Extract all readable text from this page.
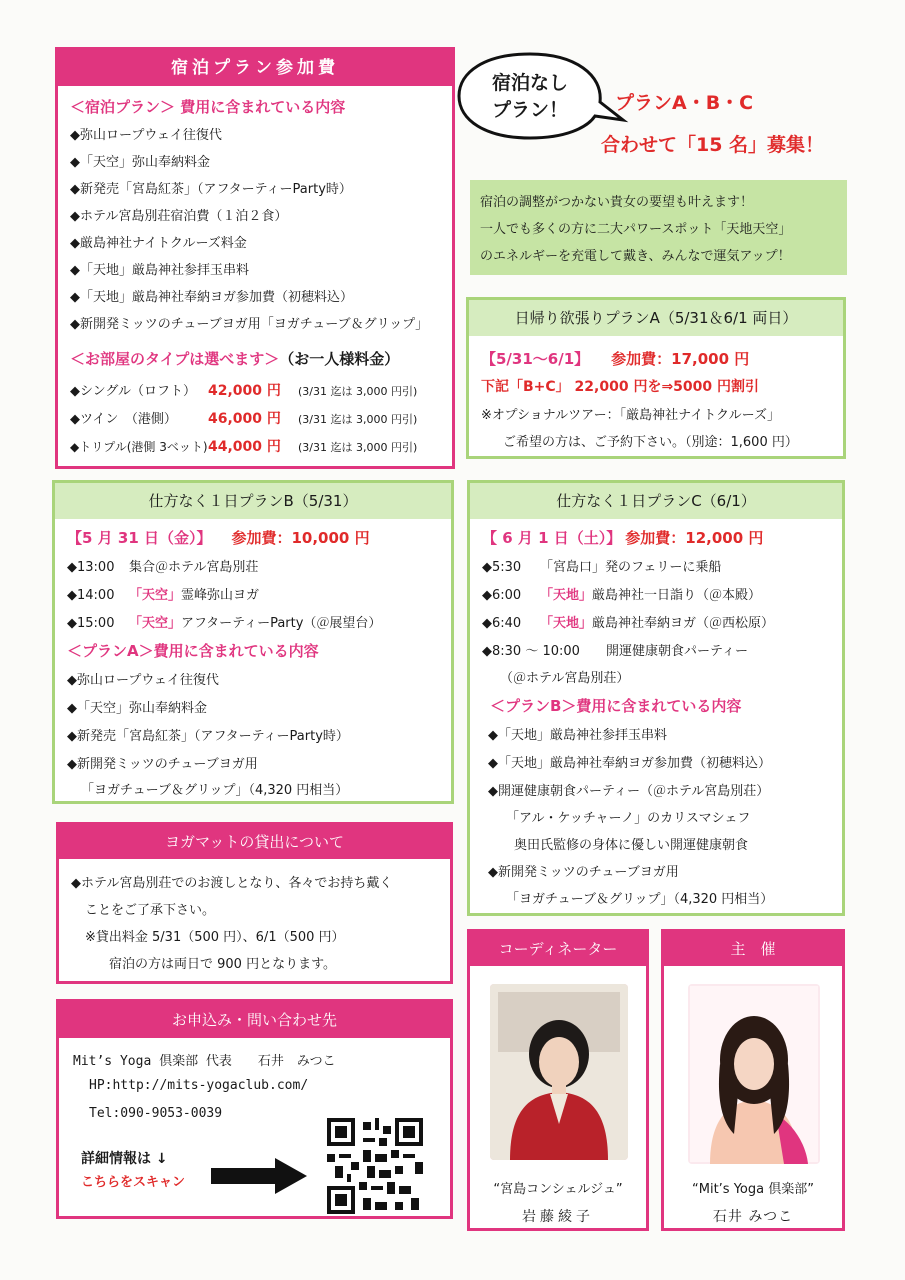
宿泊プラン参加費
＜宿泊プラン＞ 費用に含まれている内容
◆弥山ロープウェイ往復代
◆「天空」弥山奉納料金
◆新発売「宮島紅茶」（アフターティーParty時）
◆ホテル宮島別荘宿泊費（１泊２食）
◆厳島神社ナイトクルーズ料金
◆「天地」厳島神社参拝玉串料
◆「天地」厳島神社奉納ヨガ参加費（初穂料込）
◆新開発ミッツのチューブヨガ用「ヨガチューブ＆グリップ」
＜お部屋のタイプは選べます＞（お一人様料金）
◆シングル（ロフト） 42,000 円 (3/31 迄は 3,000 円引)
◆ツイン　（港側） 46,000 円 (3/31 迄は 3,000 円引)
◆トリプル(港側 3ベット)44,000 円 (3/31 迄は 3,000 円引)
宿泊なし
プラン！	プランA・B・C
合わせて「15 名」募集！
宿泊の調整がつかない貴女の要望も叶えます！
一人でも多くの方に二大パワースポット「天地天空」
のエネルギーを充電して戴き、みんなで運気アップ！
日帰り欲張りプランA（5/31＆6/1 両日）
【5/31～6/1】 参加費：17,000 円
下記「B+C」 22,000 円を⇒5000 円割引
※オプショナルツアー：「厳島神社ナイトクルーズ」
ご希望の方は、ご予約下さい。（別途：1,600 円）
仕方なく１日プランB（5/31）
【5 月 31 日（金）】 参加費：10,000 円
◆13:00 集合＠ホテル宮島別荘
◆14:00 「天空」霊峰弥山ヨガ
◆15:00 「天空」アフターティーParty（＠展望台）
＜プランA＞費用に含まれている内容
◆弥山ロープウェイ往復代
◆「天空」弥山奉納料金
◆新発売「宮島紅茶」（アフターティーParty時）
◆新開発ミッツのチューブヨガ用
「ヨガチューブ＆グリップ」（4,320 円相当）
仕方なく１日プランC（6/1）
【 6 月 1 日（土）】 参加費：12,000 円
◆5:30 「宮島口」発のフェリーに乗船
◆6:00 「天地」厳島神社一日詣り（＠本殿）
◆6:40 「天地」厳島神社奉納ヨガ（＠西松原）
◆8:30 ～ 10:00 開運健康朝食パーティー
（＠ホテル宮島別荘）
＜プランB＞費用に含まれている内容
◆「天地」厳島神社参拝玉串料
◆「天地」厳島神社奉納ヨガ参加費（初穂料込）
◆開運健康朝食パーティー（＠ホテル宮島別荘）
「アル・ケッチャーノ」のカリスマシェフ
奥田氏監修の身体に優しい開運健康朝食
◆新開発ミッツのチューブヨガ用
「ヨガチューブ＆グリップ」（4,320 円相当）
ヨガマットの貸出について
◆ホテル宮島別荘でのお渡しとなり、各々でお持ち戴く
ことをご了承下さい。
※貸出料金 5/31（500 円）、6/1（500 円）
宿泊の方は両日で 900 円となります。
お申込み・問い合わせ先
Mit’s Yoga 倶楽部 代表　　石井　みつこ
HP:http://mits-yogaclub.com/
Tel:090-9053-0039
詳細情報は ↓
こちらをスキャン
コーディネーター
“宮島コンシェルジュ”
岩藤綾子
主　催
“Mit’s Yoga 倶楽部”
石井 みつこ
